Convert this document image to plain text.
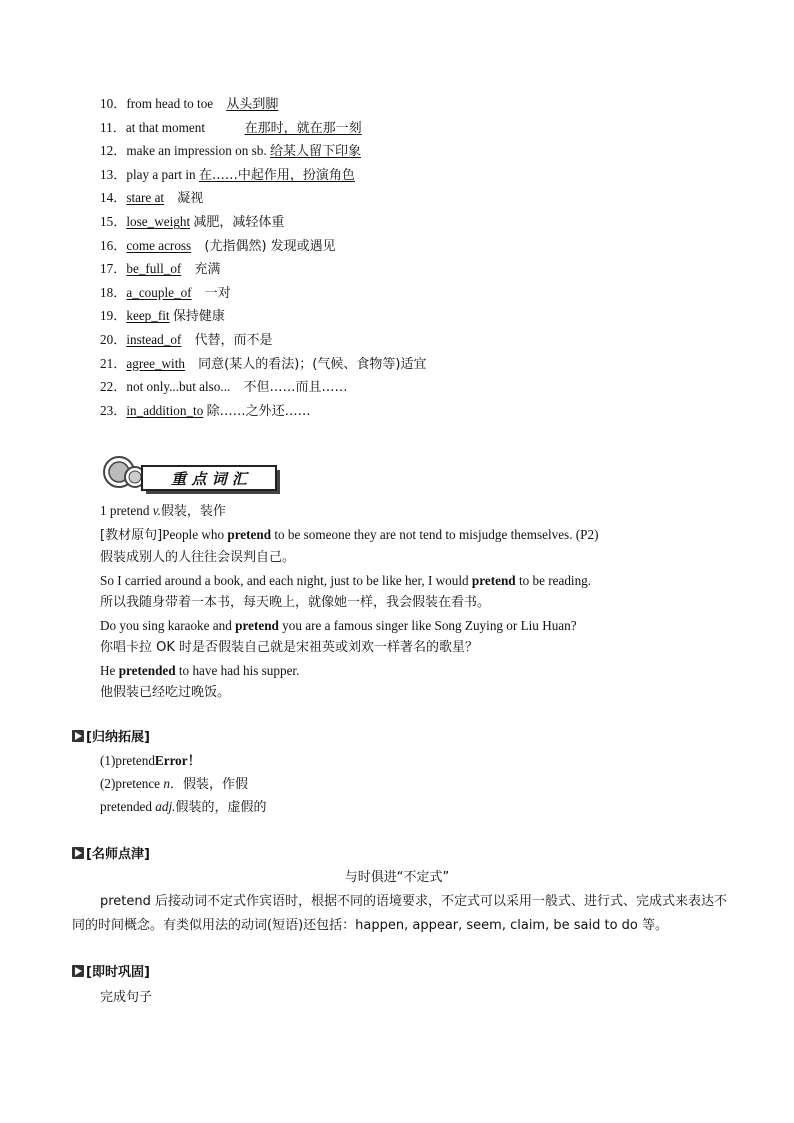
10．from head to toe　 从头到脚
11．at that moment　　　	在那时，就在那一刻
12．make an impression on sb. 给某人留下印象
13．play a part in 在……中起作用，扮演角色
14．stare at　 凝视
15．lose_weight 减肥，减轻体重
16．come across　 (尤指偶然) 发现或遇见
17．be_full_of　 充满
18．a_couple_of　 一对
19．keep_fit 保持健康
20．instead_of　 代替，而不是
21．agree_with　 同意(某人的看法)；(气候、食物等)适宜
22．not only...but also...　 不但……而且……
23．in_addition_to 除……之外还……
重 点 词 汇
1 pretend v.假装，装作
[教材原句]People who pretend to be someone they are not tend to misjudge themselves. (P2)
假装成别人的人往往会误判自己。
So I carried around a book, and each night, just to be like her, I would pretend to be reading.
所以我随身带着一本书，每天晚上，就像她一样，我会假装在看书。
Do you sing karaoke and pretend you are a famous singer like Song Zuying or Liu Huan?
你唱卡拉 OK 时是否假装自己就是宋祖英或刘欢一样著名的歌星？
He pretended to have had his supper.
他假装已经吃过晚饭。
[归纳拓展]
(1)pretendError！
(2)pretence n．假装，作假
pretended adj.假装的，虚假的
[名师点津]
与时俱进“不定式”
pretend 后接动词不定式作宾语时，根据不同的语境要求，不定式可以采用一般式、进行式、完成式来表达不同的时间概念。有类似用法的动词(短语)还包括：happen, appear, seem, claim, be said to do 等。
[即时巩固]
完成句子
